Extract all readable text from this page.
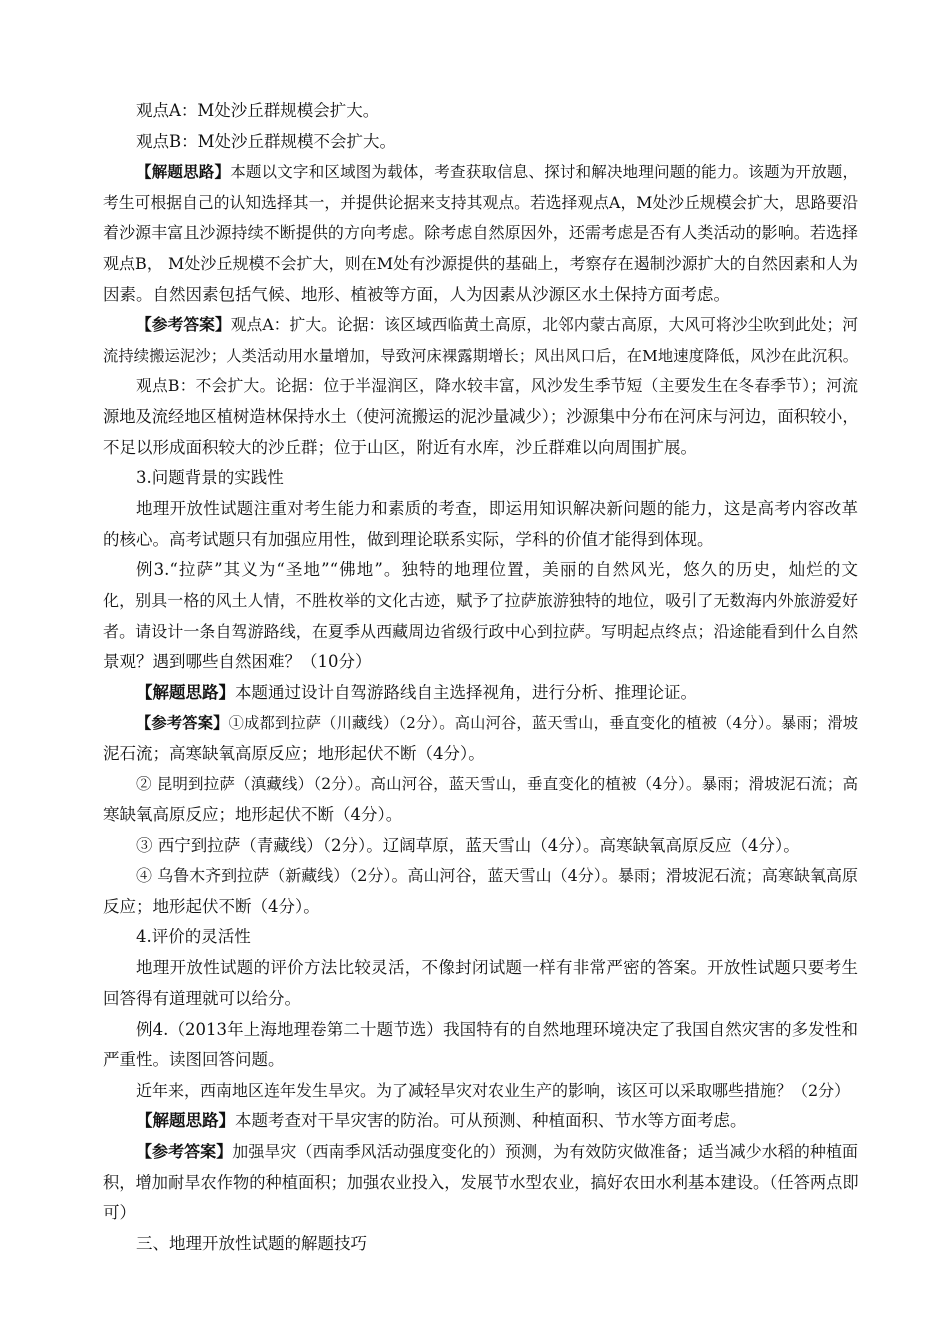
观点A：M处沙丘群规模会扩大。
观点B：M处沙丘群规模不会扩大。
【解题思路】本题以文字和区域图为载体，考查获取信息、探讨和解决地理问题的能力。该题为开放题，
考生可根据自己的认知选择其一，并提供论据来支持其观点。若选择观点A，M处沙丘规模会扩大，思路要沿
着沙源丰富且沙源持续不断提供的方向考虑。除考虑自然原因外，还需考虑是否有人类活动的影响。若选择
观点B， M处沙丘规模不会扩大，则在M处有沙源提供的基础上，考察存在遏制沙源扩大的自然因素和人为
因素。自然因素包括气候、地形、植被等方面，人为因素从沙源区水土保持方面考虑。
【参考答案】观点A：扩大。论据：该区域西临黄土高原，北邻内蒙古高原，大风可将沙尘吹到此处；河
流持续搬运泥沙；人类活动用水量增加，导致河床裸露期增长；风出风口后，在M地速度降低，风沙在此沉积。
观点B：不会扩大。论据：位于半湿润区，降水较丰富，风沙发生季节短（主要发生在冬春季节）；河流
源地及流经地区植树造林保持水土（使河流搬运的泥沙量减少）；沙源集中分布在河床与河边，面积较小，
不足以形成面积较大的沙丘群；位于山区，附近有水库，沙丘群难以向周围扩展。
3.问题背景的实践性
地理开放性试题注重对考生能力和素质的考查，即运用知识解决新问题的能力，这是高考内容改革
的核心。高考试题只有加强应用性，做到理论联系实际，学科的价值才能得到体现。
例3.“拉萨”其义为“圣地”“佛地”。独特的地理位置，美丽的自然风光，悠久的历史，灿烂的文
化，别具一格的风土人情，不胜枚举的文化古迹，赋予了拉萨旅游独特的地位，吸引了无数海内外旅游爱好
者。请设计一条自驾游路线，在夏季从西藏周边省级行政中心到拉萨。写明起点终点；沿途能看到什么自然
景观？遇到哪些自然困难？（10分）
【解题思路】本题通过设计自驾游路线自主选择视角，进行分析、推理论证。
【参考答案】①成都到拉萨（川藏线）（2分）。高山河谷，蓝天雪山，垂直变化的植被（4分）。暴雨；滑坡
泥石流；高寒缺氧高原反应；地形起伏不断（4分）。
② 昆明到拉萨（滇藏线）（2分）。高山河谷，蓝天雪山，垂直变化的植被（4分）。暴雨；滑坡泥石流；高
寒缺氧高原反应；地形起伏不断（4分）。
③ 西宁到拉萨（青藏线）（2分）。辽阔草原，蓝天雪山（4分）。高寒缺氧高原反应（4分）。
④ 乌鲁木齐到拉萨（新藏线）（2分）。高山河谷，蓝天雪山（4分）。暴雨；滑坡泥石流；高寒缺氧高原
反应；地形起伏不断（4分）。
4.评价的灵活性
地理开放性试题的评价方法比较灵活，不像封闭试题一样有非常严密的答案。开放性试题只要考生
回答得有道理就可以给分。
例4.（2013年上海地理卷第二十题节选）我国特有的自然地理环境决定了我国自然灾害的多发性和
严重性。读图回答问题。
近年来，西南地区连年发生旱灾。为了减轻旱灾对农业生产的影响，该区可以采取哪些措施？（2分）
【解题思路】本题考查对干旱灾害的防治。可从预测、种植面积、节水等方面考虑。
【参考答案】加强旱灾（西南季风活动强度变化的）预测，为有效防灾做准备；适当减少水稻的种植面
积，增加耐旱农作物的种植面积；加强农业投入，发展节水型农业，搞好农田水利基本建设。（任答两点即
可）
三、地理开放性试题的解题技巧
